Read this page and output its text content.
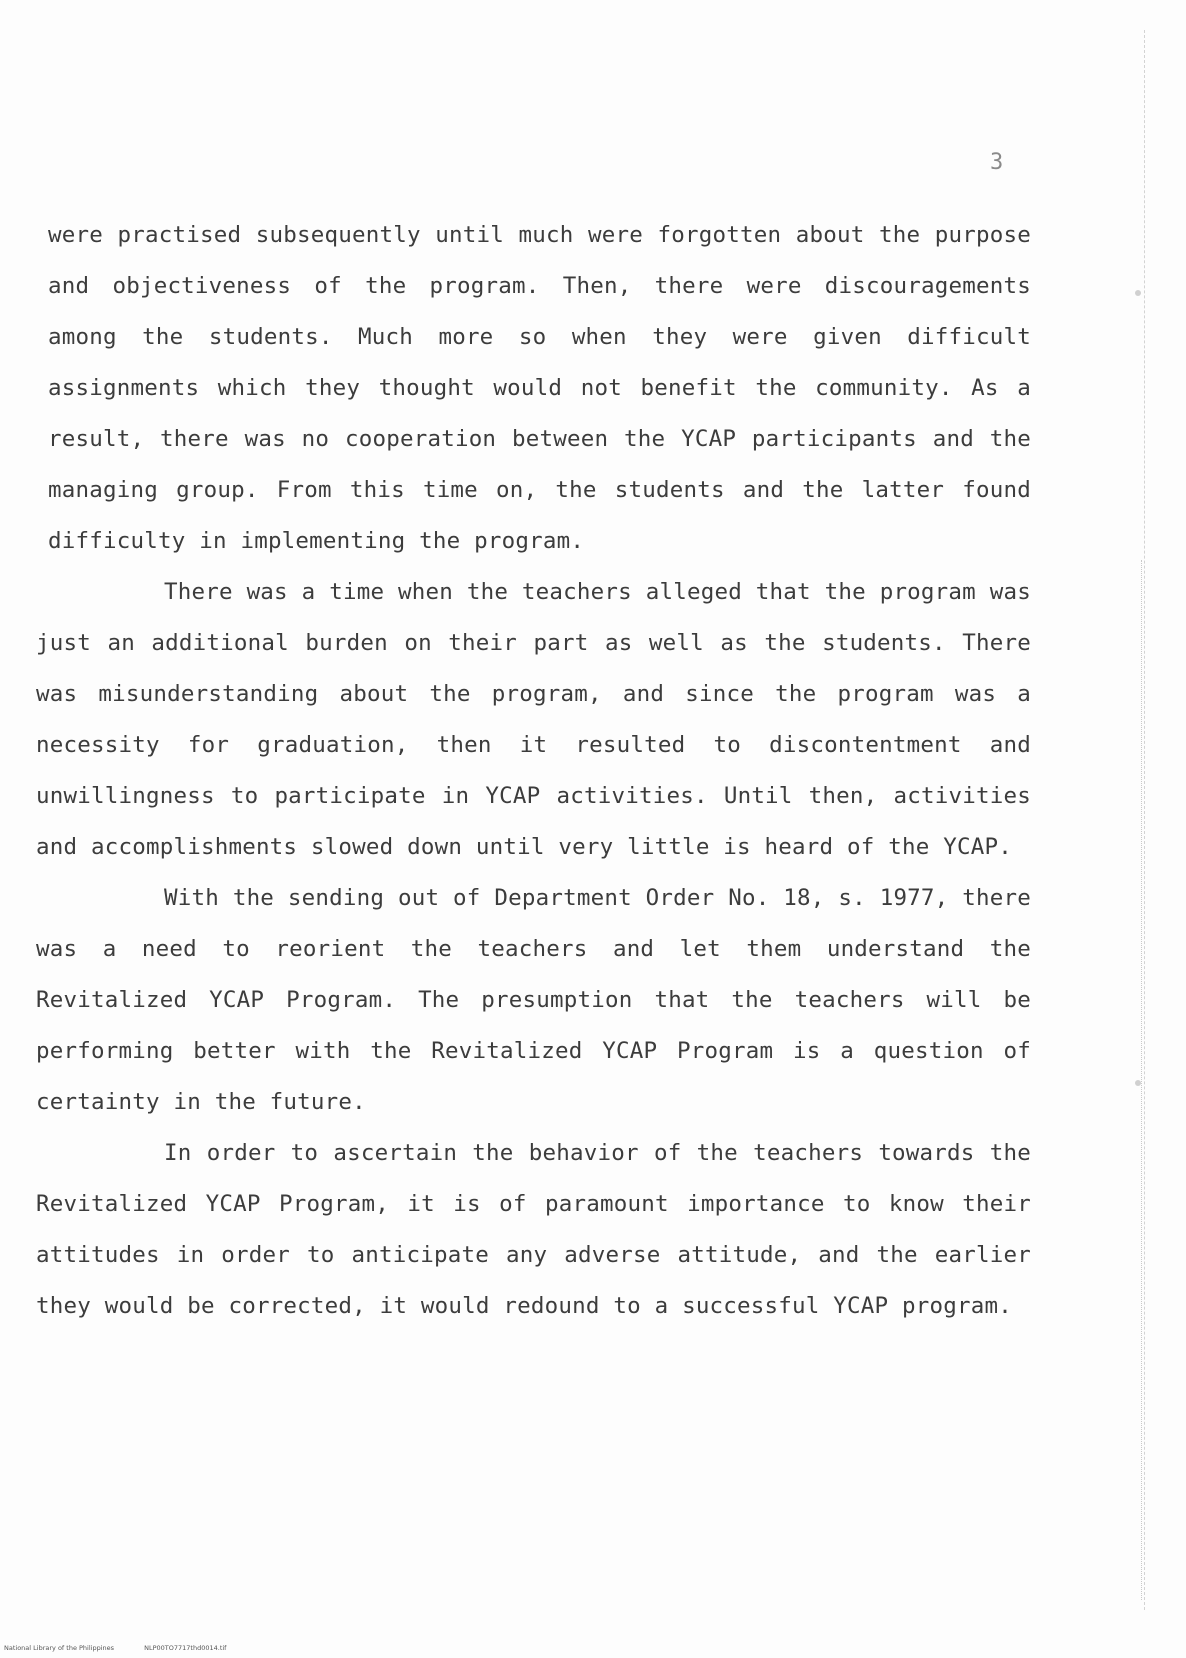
3

were practised subsequently until much were forgotten about the purpose and objectiveness of the program. Then, there were discouragements among the students. Much more so when they were given difficult assignments which they thought would not benefit the community. As a result, there was no cooperation between the YCAP participants and the managing group. From this time on, the students and the latter found difficulty in implementing the program.

There was a time when the teachers alleged that the program was just an additional burden on their part as well as the students. There was misunderstanding about the program, and since the program was a necessity for graduation, then it resulted to discontentment and unwillingness to participate in YCAP activities. Until then, activities and accomplishments slowed down until very little is heard of the YCAP.

With the sending out of Department Order No. 18, s. 1977, there was a need to reorient the teachers and let them understand the Revitalized YCAP Program. The presumption that the teachers will be performing better with the Revitalized YCAP Program is a question of certainty in the future.

In order to ascertain the behavior of the teachers towards the Revitalized YCAP Program, it is of paramount importance to know their attitudes in order to anticipate any adverse attitude, and the earlier they would be corrected, it would redound to a successful YCAP program.

National Library of the Philippines	NLP00TO7717thd0014.tif
